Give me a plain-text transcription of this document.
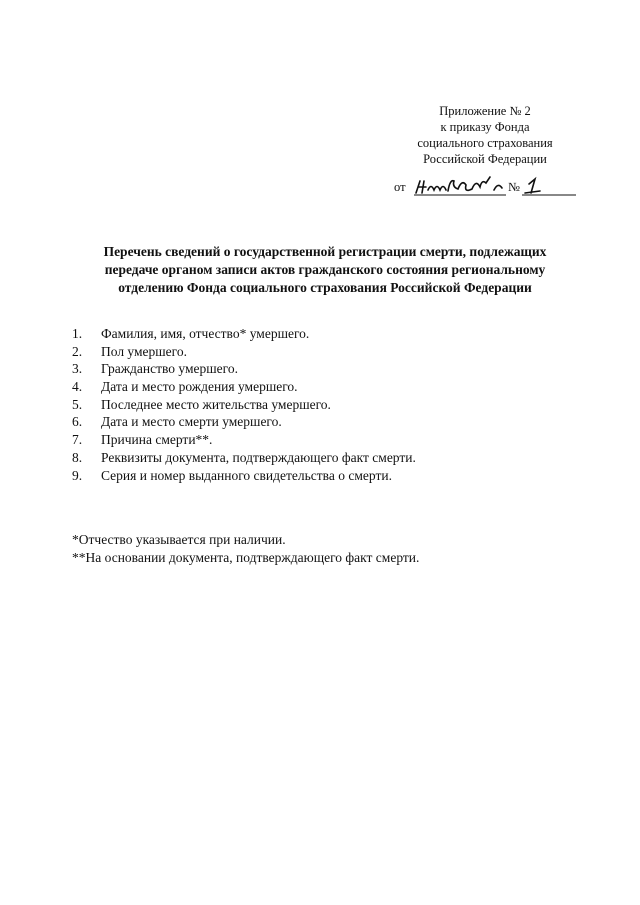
Приложение № 2
к приказу Фонда
социального страхования
Российской Федерации
от	№
Перечень сведений о государственной регистрации смерти, подлежащих
передаче органом записи актов гражданского состояния региональному
отделению Фонда социального страхования Российской Федерации
1. Фамилия, имя, отчество* умершего.
2. Пол умершего.
3. Гражданство умершего.
4. Дата и место рождения умершего.
5. Последнее место жительства умершего.
6. Дата и место смерти умершего.
7. Причина смерти**.
8. Реквизиты документа, подтверждающего факт смерти.
9. Серия и номер выданного свидетельства о смерти.
*Отчество указывается при наличии.
**На основании документа, подтверждающего факт смерти.
